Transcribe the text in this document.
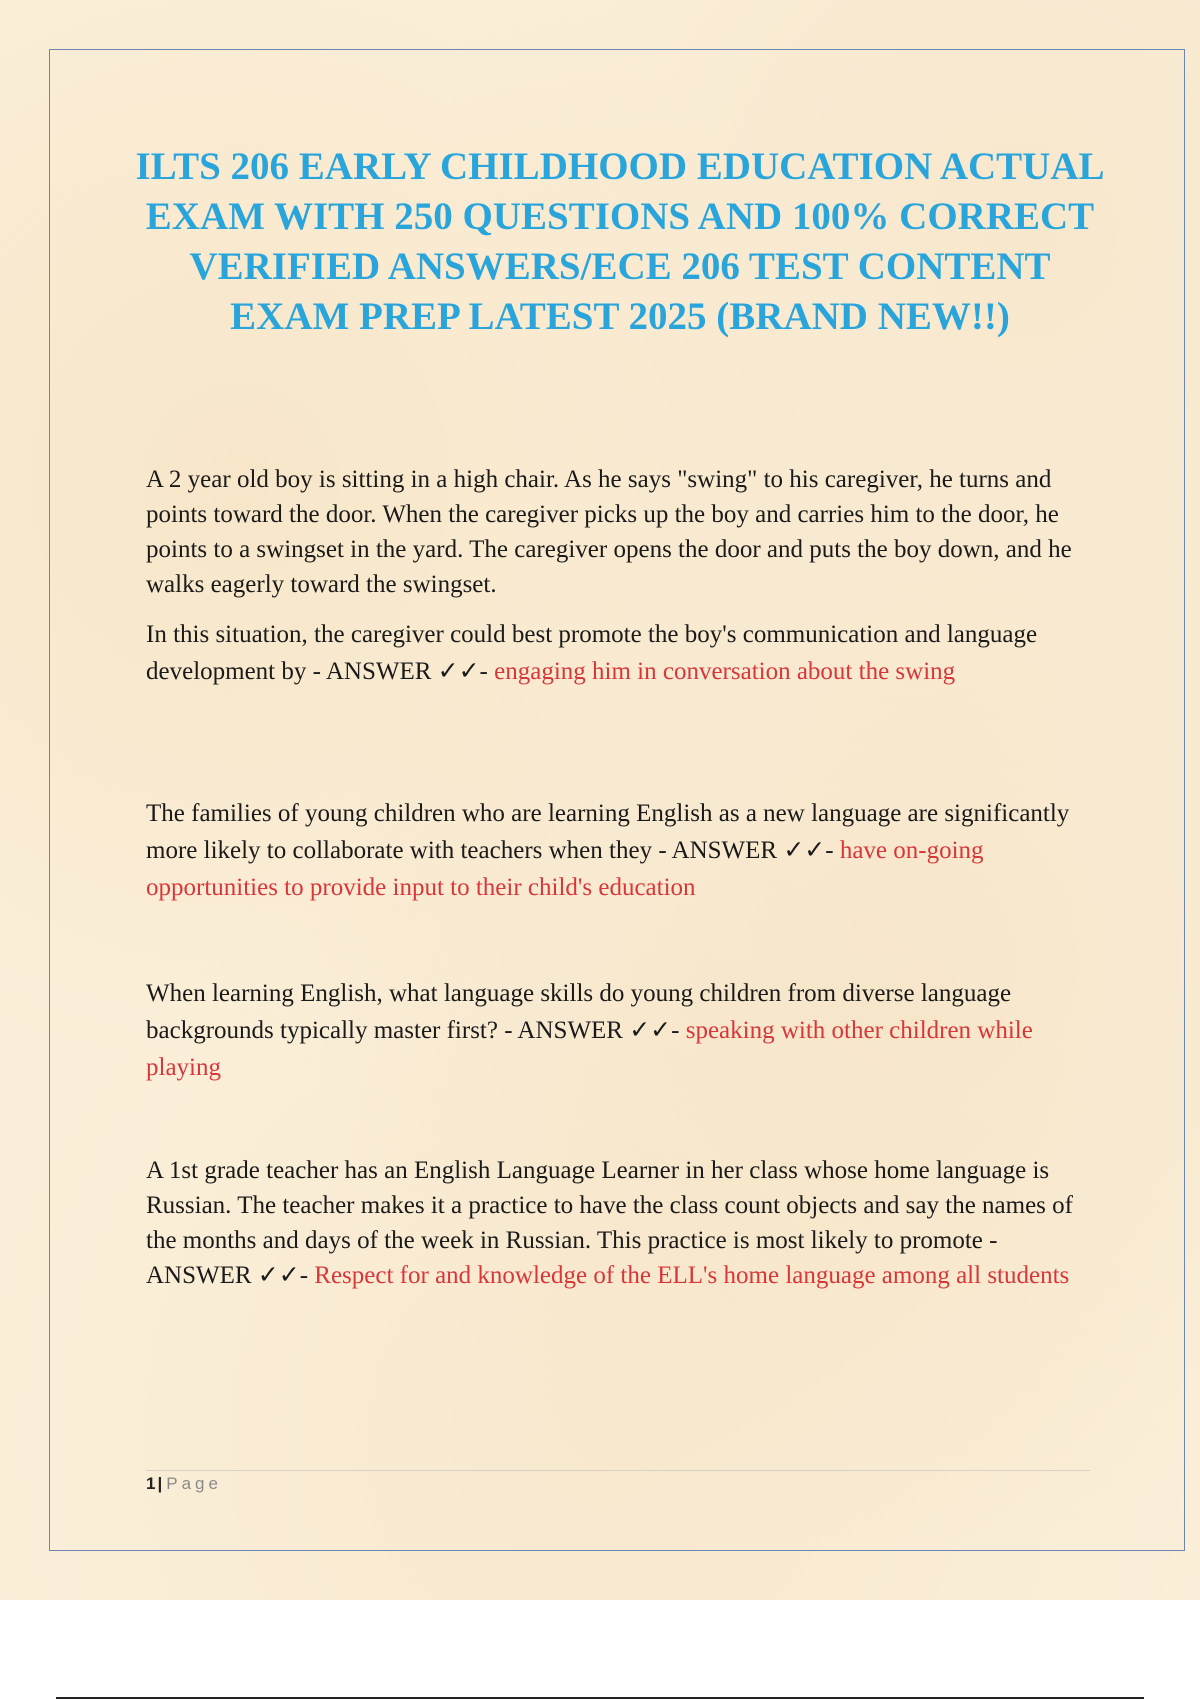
ILTS 206 EARLY CHILDHOOD EDUCATION ACTUAL EXAM WITH 250 QUESTIONS AND 100% CORRECT VERIFIED ANSWERS/ECE 206 TEST CONTENT EXAM PREP LATEST 2025 (BRAND NEW!!)

A 2 year old boy is sitting in a high chair. As he says "swing" to his caregiver, he turns and points toward the door. When the caregiver picks up the boy and carries him to the door, he points to a swingset in the yard. The caregiver opens the door and puts the boy down, and he walks eagerly toward the swingset.

In this situation, the caregiver could best promote the boy's communication and language development by - ANSWER ✓✓- engaging him in conversation about the swing

The families of young children who are learning English as a new language are significantly more likely to collaborate with teachers when they - ANSWER ✓✓- have on-going opportunities to provide input to their child's education

When learning English, what language skills do young children from diverse language backgrounds typically master first? - ANSWER ✓✓- speaking with other children while playing

A 1st grade teacher has an English Language Learner in her class whose home language is Russian. The teacher makes it a practice to have the class count objects and say the names of the months and days of the week in Russian. This practice is most likely to promote - ANSWER ✓✓- Respect for and knowledge of the ELL's home language among all students

1 | Page
